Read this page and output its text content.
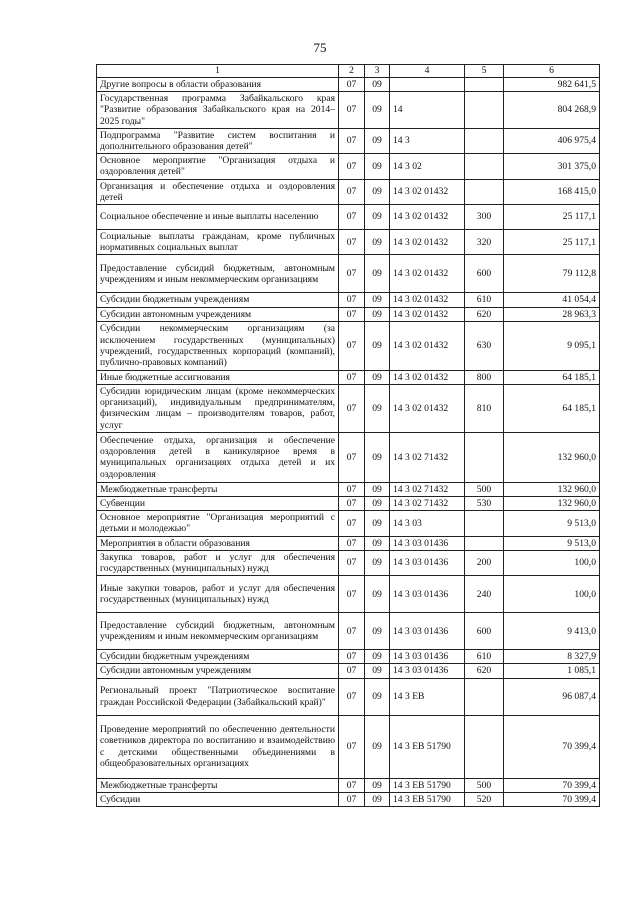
75
1	2	3	4	5	6
Другие вопросы в области образования	07	09			982 641,5
Государственная программа Забайкальского края "Развитие образования Забайкальского края на 2014–2025 годы"	07	09	14		804 268,9
Подпрограмма "Развитие систем воспитания и дополнительного образования детей"	07	09	14 3		406 975,4
Основное мероприятие "Организация отдыха и оздоровления детей"	07	09	14 3 02		301 375,0
Организация и обеспечение отдыха и оздоровления детей	07	09	14 3 02 01432		168 415,0
Социальное обеспечение и иные выплаты населению	07	09	14 3 02 01432	300	25 117,1
Социальные выплаты гражданам, кроме публичных нормативных социальных выплат	07	09	14 3 02 01432	320	25 117,1
Предоставление субсидий бюджетным, автономным учреждениям и иным некоммерческим организациям	07	09	14 3 02 01432	600	79 112,8
Субсидии бюджетным учреждениям	07	09	14 3 02 01432	610	41 054,4
Субсидии автономным учреждениям	07	09	14 3 02 01432	620	28 963,3
Субсидии некоммерческим организациям (за исключением государственных (муниципальных) учреждений, государственных корпораций (компаний), публично-правовых компаний)	07	09	14 3 02 01432	630	9 095,1
Иные бюджетные ассигнования	07	09	14 3 02 01432	800	64 185,1
Субсидии юридическим лицам (кроме некоммерческих организаций), индивидуальным предпринимателям, физическим лицам – производителям товаров, работ, услуг	07	09	14 3 02 01432	810	64 185,1
Обеспечение отдыха, организация и обеспечение оздоровления детей в каникулярное время в муниципальных организациях отдыха детей и их оздоровления	07	09	14 3 02 71432		132 960,0
Межбюджетные трансферты	07	09	14 3 02 71432	500	132 960,0
Субвенции	07	09	14 3 02 71432	530	132 960,0
Основное мероприятие "Организация мероприятий с детьми и молодежью"	07	09	14 3 03		9 513,0
Мероприятия в области образования	07	09	14 3 03 01436		9 513,0
Закупка товаров, работ и услуг для обеспечения государственных (муниципальных) нужд	07	09	14 3 03 01436	200	100,0
Иные закупки товаров, работ и услуг для обеспечения государственных (муниципальных) нужд	07	09	14 3 03 01436	240	100,0
Предоставление субсидий бюджетным, автономным учреждениям и иным некоммерческим организациям	07	09	14 3 03 01436	600	9 413,0
Субсидии бюджетным учреждениям	07	09	14 3 03 01436	610	8 327,9
Субсидии автономным учреждениям	07	09	14 3 03 01436	620	1 085,1
Региональный проект "Патриотическое воспитание граждан Российской Федерации (Забайкальский край)"	07	09	14 3 EB		96 087,4
Проведение мероприятий по обеспечению деятельности советников директора по воспитанию и взаимодействию с детскими общественными объединениями в общеобразовательных организациях	07	09	14 3 EB 51790		70 399,4
Межбюджетные трансферты	07	09	14 3 EB 51790	500	70 399,4
Субсидии	07	09	14 3 EB 51790	520	70 399,4
